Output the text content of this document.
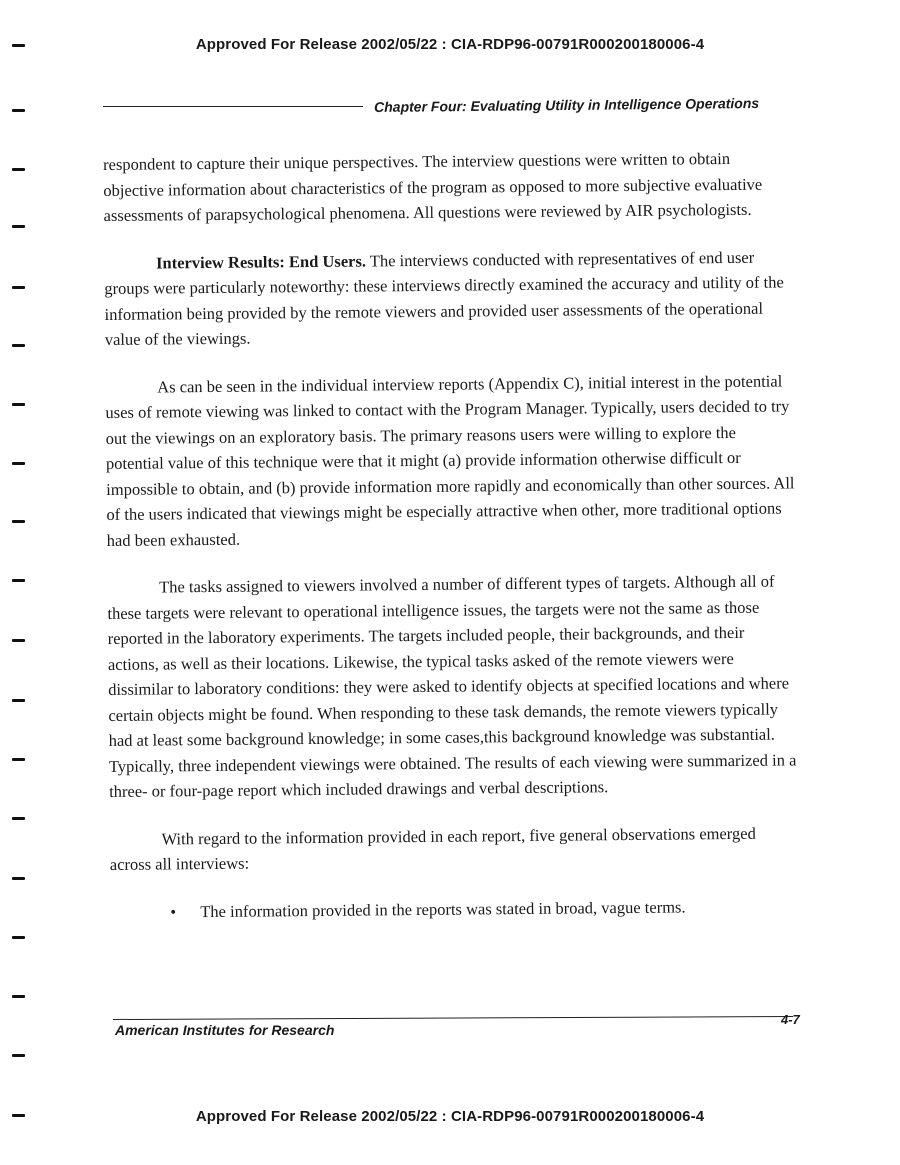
Approved For Release 2002/05/22 : CIA-RDP96-00791R000200180006-4
Chapter Four: Evaluating Utility in Intelligence Operations

respondent to capture their unique perspectives. The interview questions were written to obtain objective information about characteristics of the program as opposed to more subjective evaluative assessments of parapsychological phenomena. All questions were reviewed by AIR psychologists.

Interview Results: End Users. The interviews conducted with representatives of end user groups were particularly noteworthy: these interviews directly examined the accuracy and utility of the information being provided by the remote viewers and provided user assessments of the operational value of the viewings.

As can be seen in the individual interview reports (Appendix C), initial interest in the potential uses of remote viewing was linked to contact with the Program Manager. Typically, users decided to try out the viewings on an exploratory basis. The primary reasons users were willing to explore the potential value of this technique were that it might (a) provide information otherwise difficult or impossible to obtain, and (b) provide information more rapidly and economically than other sources. All of the users indicated that viewings might be especially attractive when other, more traditional options had been exhausted.

The tasks assigned to viewers involved a number of different types of targets. Although all of these targets were relevant to operational intelligence issues, the targets were not the same as those reported in the laboratory experiments. The targets included people, their backgrounds, and their actions, as well as their locations. Likewise, the typical tasks asked of the remote viewers were dissimilar to laboratory conditions: they were asked to identify objects at specified locations and where certain objects might be found. When responding to these task demands, the remote viewers typically had at least some background knowledge; in some cases,this background knowledge was substantial. Typically, three independent viewings were obtained. The results of each viewing were summarized in a three- or four-page report which included drawings and verbal descriptions.

With regard to the information provided in each report, five general observations emerged across all interviews:

•	The information provided in the reports was stated in broad, vague terms.
American Institutes for Research
4-7
Approved For Release 2002/05/22 : CIA-RDP96-00791R000200180006-4
